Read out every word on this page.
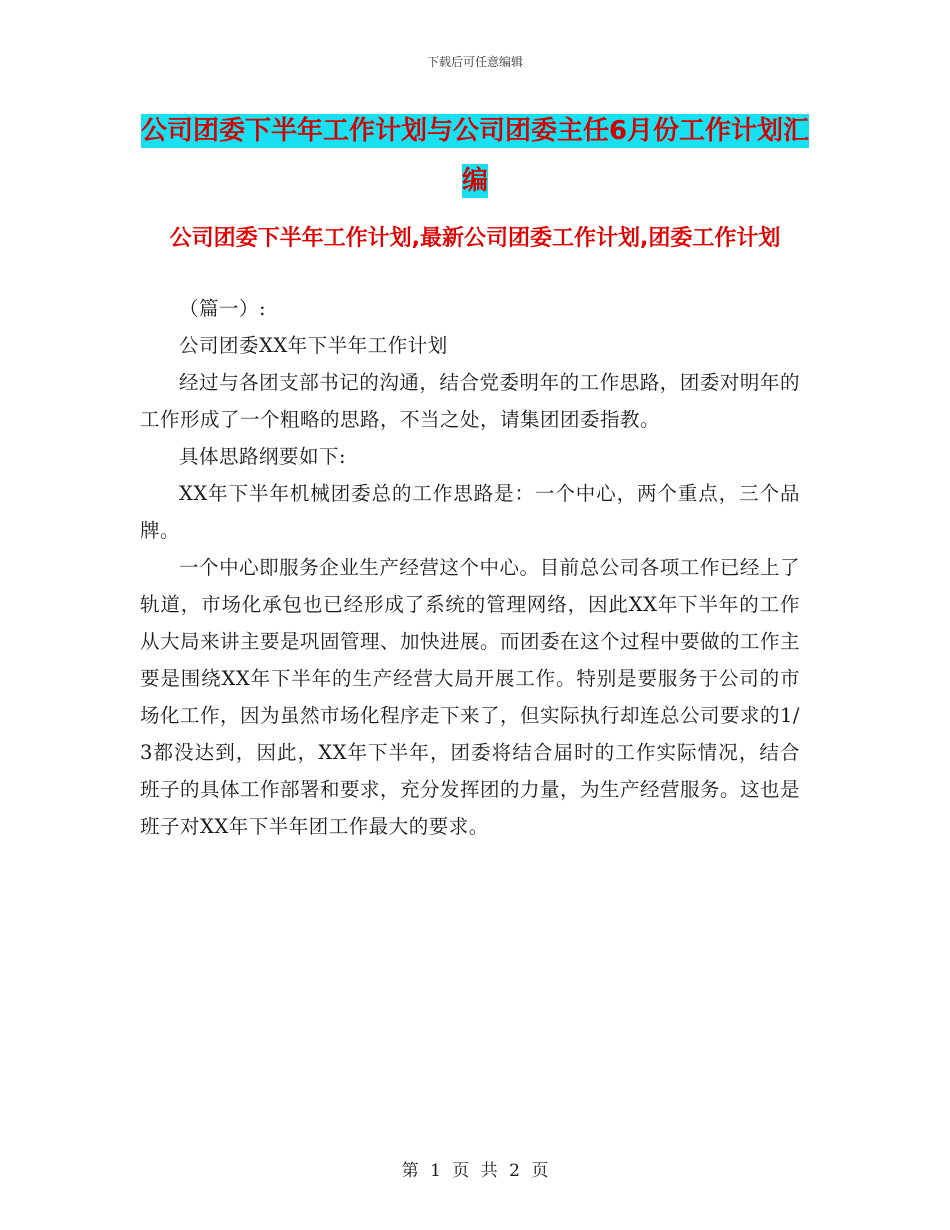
下载后可任意编辑
公司团委下半年工作计划与公司团委主任6月份工作计划汇编
公司团委下半年工作计划,最新公司团委工作计划,团委工作计划

（篇一）:

公司团委XX年下半年工作计划

经过与各团支部书记的沟通，结合党委明年的工作思路，团委对明年的工作形成了一个粗略的思路，不当之处，请集团团委指教。

具体思路纲要如下:

XX年下半年机械团委总的工作思路是：一个中心，两个重点，三个品牌。

一个中心即服务企业生产经营这个中心。目前总公司各项工作已经上了轨道，市场化承包也已经形成了系统的管理网络，因此XX年下半年的工作从大局来讲主要是巩固管理、加快进展。而团委在这个过程中要做的工作主要是围绕XX年下半年的生产经营大局开展工作。特别是要服务于公司的市场化工作，因为虽然市场化程序走下来了，但实际执行却连总公司要求的1/3都没达到，因此，XX年下半年，团委将结合届时的工作实际情况，结合班子的具体工作部署和要求，充分发挥团的力量，为生产经营服务。这也是班子对XX年下半年团工作最大的要求。

第 1 页 共 2 页
